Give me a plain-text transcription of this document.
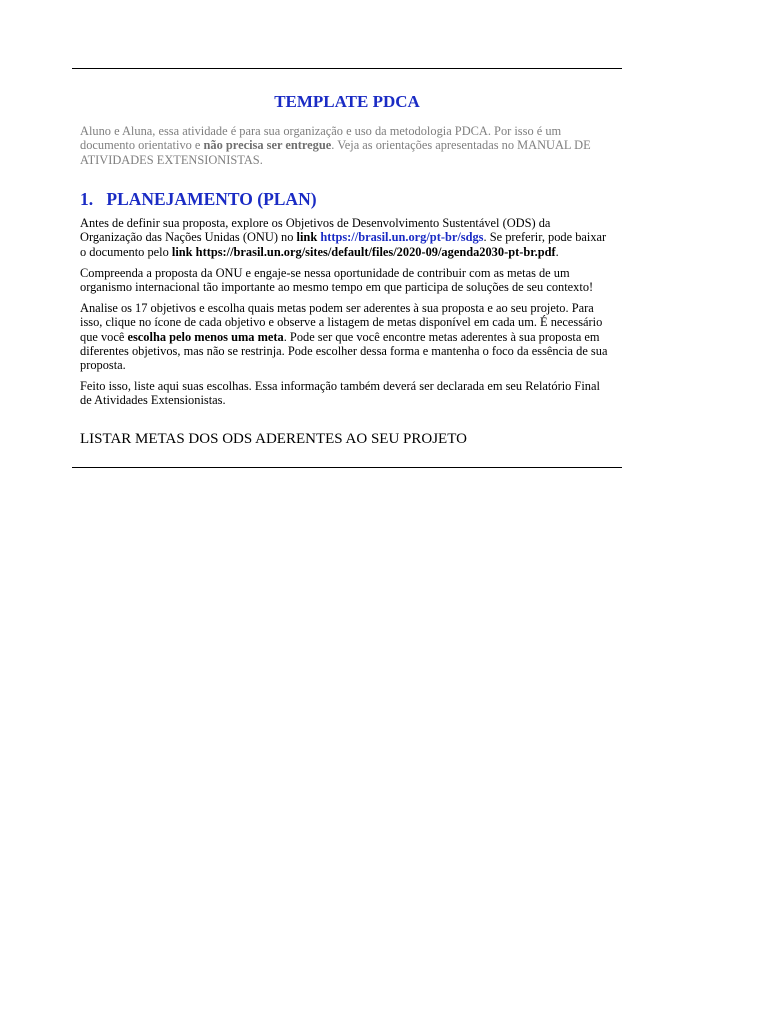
TEMPLATE PDCA

Aluno e Aluna, essa atividade é para sua organização e uso da metodologia PDCA. Por isso é um documento orientativo e não precisa ser entregue. Veja as orientações apresentadas no MANUAL DE ATIVIDADES EXTENSIONISTAS.

1. PLANEJAMENTO (PLAN)

Antes de definir sua proposta, explore os Objetivos de Desenvolvimento Sustentável (ODS) da Organização das Nações Unidas (ONU) no link https://brasil.un.org/pt-br/sdgs. Se preferir, pode baixar o documento pelo link https://brasil.un.org/sites/default/files/2020-09/agenda2030-pt-br.pdf.

Compreenda a proposta da ONU e engaje-se nessa oportunidade de contribuir com as metas de um organismo internacional tão importante ao mesmo tempo em que participa de soluções de seu contexto!

Analise os 17 objetivos e escolha quais metas podem ser aderentes à sua proposta e ao seu projeto. Para isso, clique no ícone de cada objetivo e observe a listagem de metas disponível em cada um. É necessário que você escolha pelo menos uma meta. Pode ser que você encontre metas aderentes à sua proposta em diferentes objetivos, mas não se restrinja. Pode escolher dessa forma e mantenha o foco da essência de sua proposta.

Feito isso, liste aqui suas escolhas. Essa informação também deverá ser declarada em seu Relatório Final de Atividades Extensionistas.

LISTAR METAS DOS ODS ADERENTES AO SEU PROJETO
